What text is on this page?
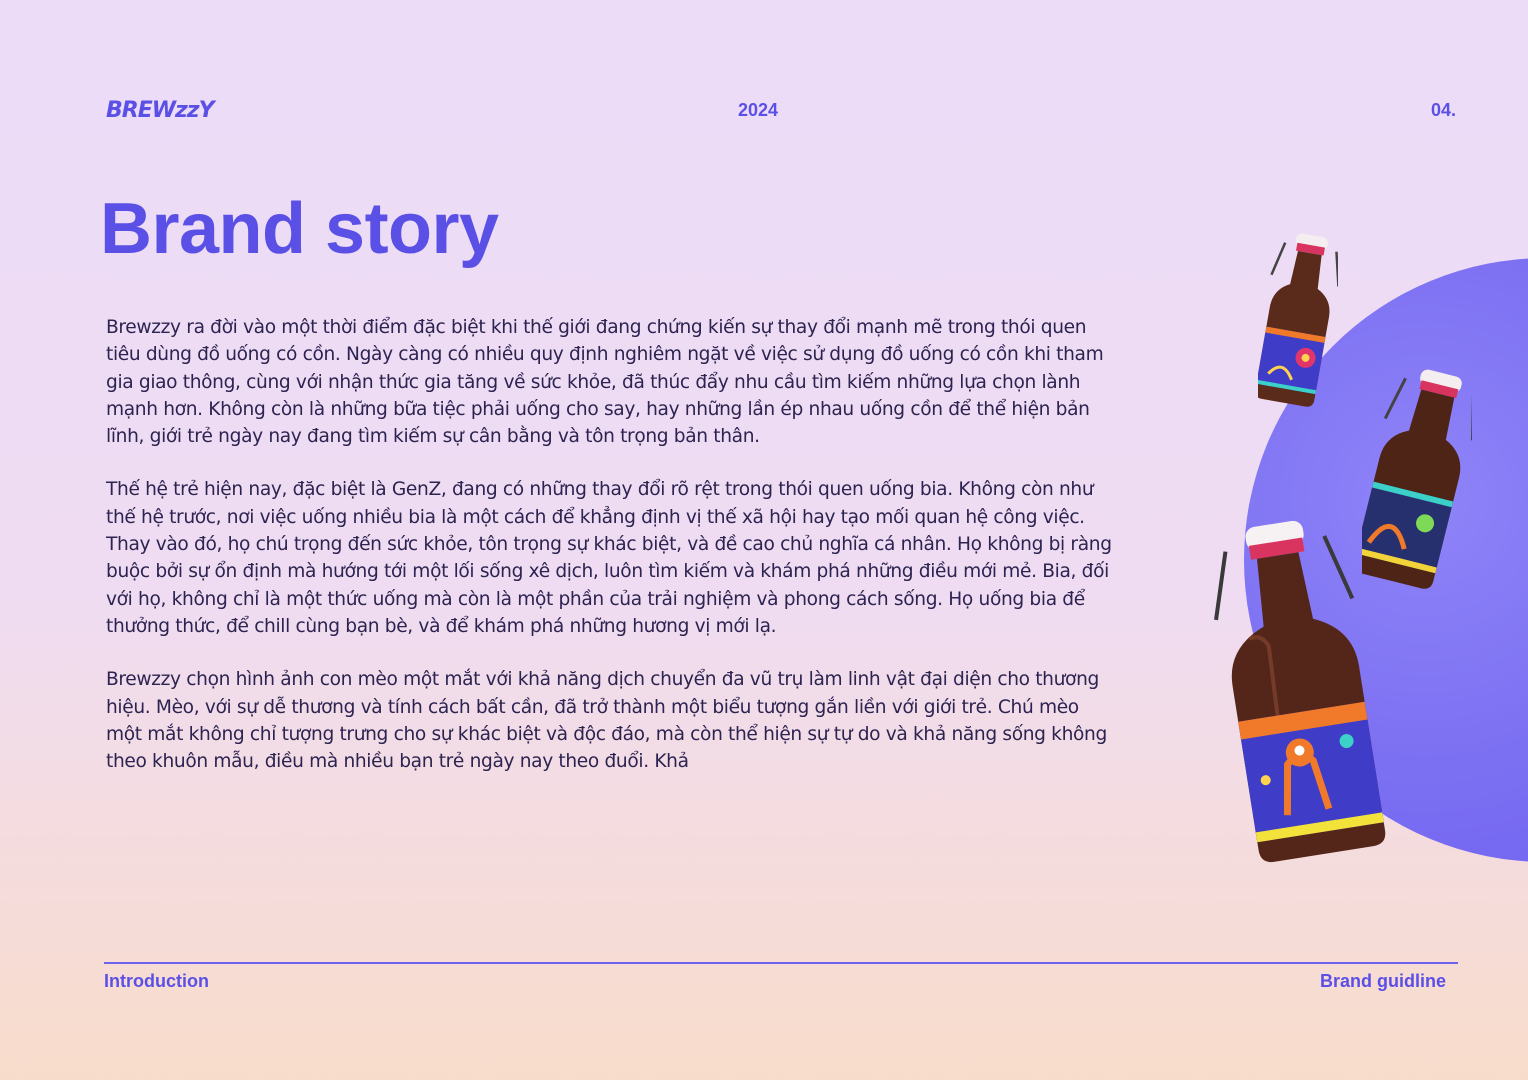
BREWzzY	2024	04.
Brand story

Brewzzy ra đời vào một thời điểm đặc biệt khi thế giới đang chứng kiến sự thay đổi mạnh mẽ trong thói quen tiêu dùng đồ uống có cồn. Ngày càng có nhiều quy định nghiêm ngặt về việc sử dụng đồ uống có cồn khi tham gia giao thông, cùng với nhận thức gia tăng về sức khỏe, đã thúc đẩy nhu cầu tìm kiếm những lựa chọn lành mạnh hơn. Không còn là những bữa tiệc phải uống cho say, hay những lần ép nhau uống cồn để thể hiện bản lĩnh, giới trẻ ngày nay đang tìm kiếm sự cân bằng và tôn trọng bản thân.

Thế hệ trẻ hiện nay, đặc biệt là GenZ, đang có những thay đổi rõ rệt trong thói quen uống bia. Không còn như thế hệ trước, nơi việc uống nhiều bia là một cách để khẳng định vị thế xã hội hay tạo mối quan hệ công việc. Thay vào đó, họ chú trọng đến sức khỏe, tôn trọng sự khác biệt, và đề cao chủ nghĩa cá nhân. Họ không bị ràng buộc bởi sự ổn định mà hướng tới một lối sống xê dịch, luôn tìm kiếm và khám phá những điều mới mẻ. Bia, đối với họ, không chỉ là một thức uống mà còn là một phần của trải nghiệm và phong cách sống. Họ uống bia để thưởng thức, để chill cùng bạn bè, và để khám phá những hương vị mới lạ.

Brewzzy chọn hình ảnh con mèo một mắt với khả năng dịch chuyển đa vũ trụ làm linh vật đại diện cho thương hiệu. Mèo, với sự dễ thương và tính cách bất cần, đã trở thành một biểu tượng gắn liền với giới trẻ. Chú mèo một mắt không chỉ tượng trưng cho sự khác biệt và độc đáo, mà còn thể hiện sự tự do và khả năng sống không theo khuôn mẫu, điều mà nhiều bạn trẻ ngày nay theo đuổi. Khả

Introduction	Brand guidline
